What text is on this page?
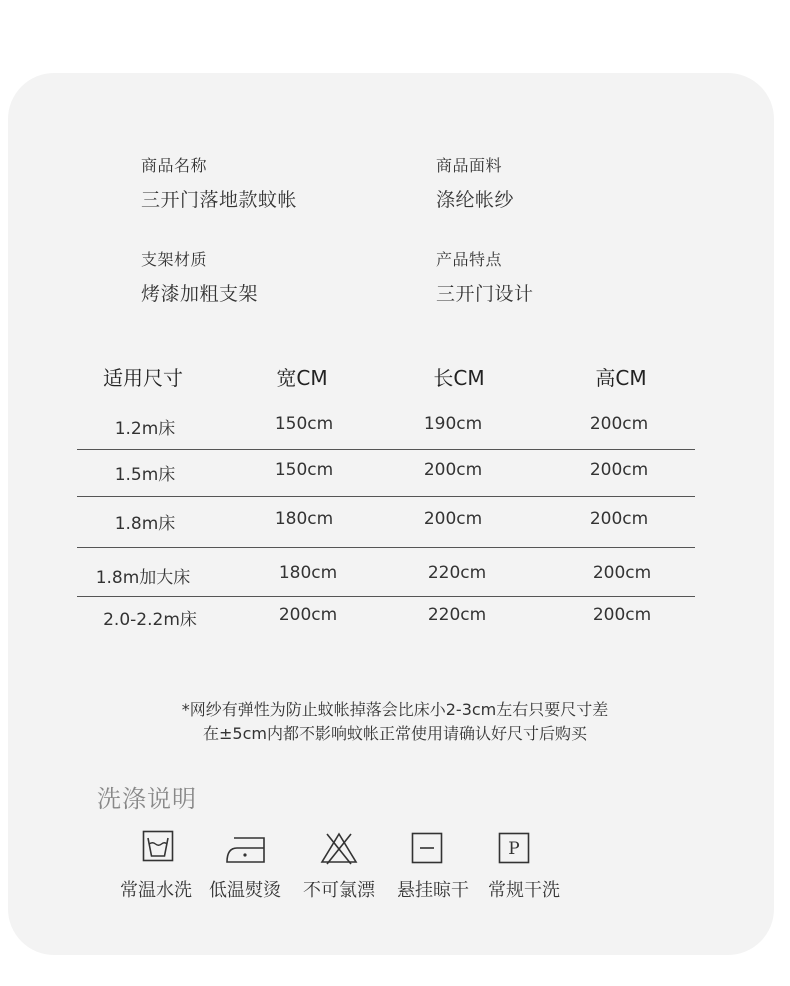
商品名称
三开门落地款蚊帐
商品面料
涤纶帐纱
支架材质
烤漆加粗支架
产品特点
三开门设计
适用尺寸	宽CM	长CM	高CM
1.2m床	150cm	190cm	200cm
1.5m床	150cm	200cm	200cm
1.8m床	180cm	200cm	200cm
1.8m加大床	180cm	220cm	200cm
2.0-2.2m床	200cm	220cm	200cm
*网纱有弹性为防止蚊帐掉落会比床小2-3cm左右只要尺寸差
在±5cm内都不影响蚊帐正常使用请确认好尺寸后购买
洗涤说明
P
常温水洗 低温熨烫 不可氯漂 悬挂晾干 常规干洗
